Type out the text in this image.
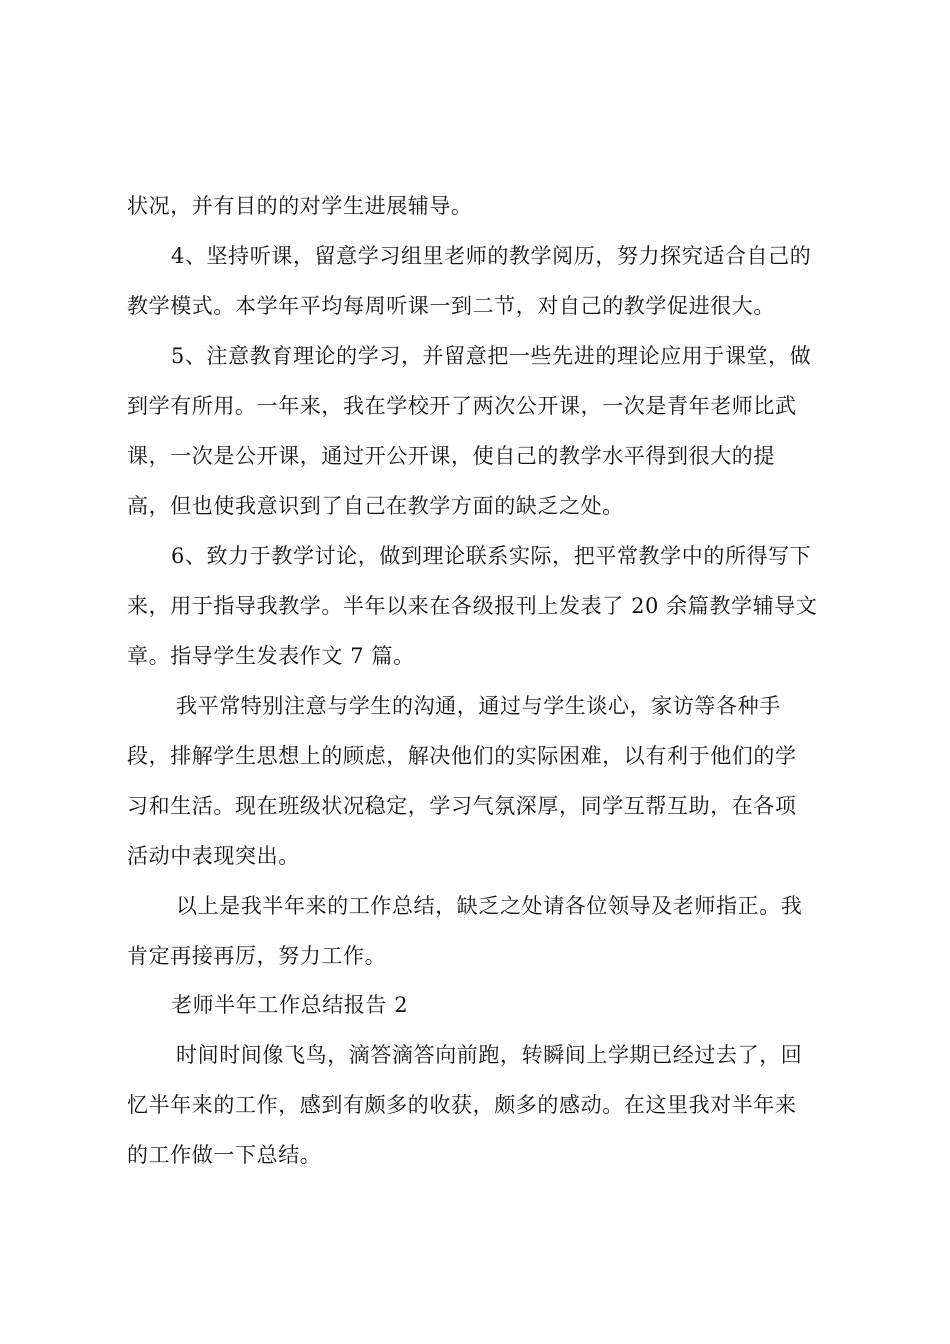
状况，并有目的的对学生进展辅导。
4、坚持听课，留意学习组里老师的教学阅历，努力探究适合自己的
教学模式。本学年平均每周听课一到二节，对自己的教学促进很大。
5、注意教育理论的学习，并留意把一些先进的理论应用于课堂，做
到学有所用。一年来，我在学校开了两次公开课，一次是青年老师比武
课，一次是公开课，通过开公开课，使自己的教学水平得到很大的提
高，但也使我意识到了自己在教学方面的缺乏之处。
6、致力于教学讨论，做到理论联系实际，把平常教学中的所得写下
来，用于指导我教学。半年以来在各级报刊上发表了 20 余篇教学辅导文
章。指导学生发表作文 7 篇。
我平常特别注意与学生的沟通，通过与学生谈心，家访等各种手
段，排解学生思想上的顾虑，解决他们的实际困难，以有利于他们的学
习和生活。现在班级状况稳定，学习气氛深厚，同学互帮互助，在各项
活动中表现突出。
以上是我半年来的工作总结，缺乏之处请各位领导及老师指正。我
肯定再接再厉，努力工作。
老师半年工作总结报告 2
时间时间像飞鸟，滴答滴答向前跑，转瞬间上学期已经过去了，回
忆半年来的工作，感到有颇多的收获，颇多的感动。在这里我对半年来
的工作做一下总结。
